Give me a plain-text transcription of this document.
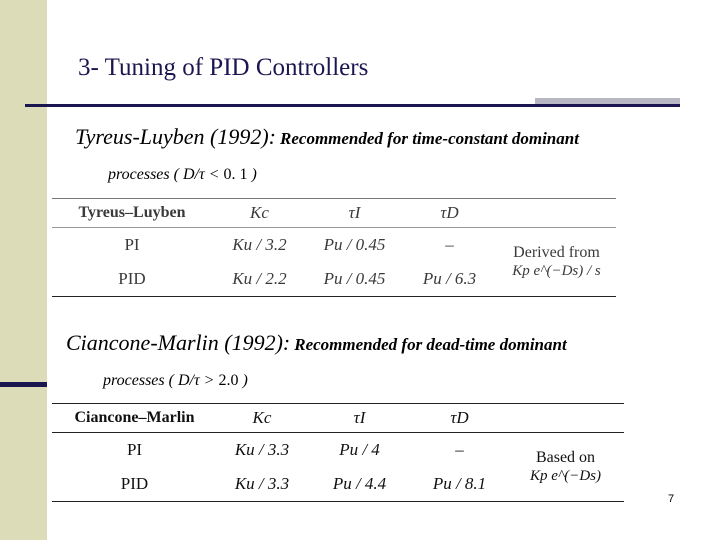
3- Tuning of PID Controllers
Tyreus-Luyben (1992): Recommended for time-constant dominant
processes ( D/τ < 0. 1 )
Tyreus–Luyben	Kc	τI	τD	
PI	Ku / 3.2	Pu / 0.45	–	Derived from
Kp e^(−Ds) / s

PID	Ku / 2.2	Pu / 0.45	Pu / 6.3	
Ciancone-Marlin (1992): Recommended for dead-time dominant
processes ( D/τ > 2.0 )
Ciancone–Marlin	Kc	τI	τD	
PI	Ku / 3.3	Pu / 4	–	Based on
Kp e^(−Ds)

PID	Ku / 3.3	Pu / 4.4	Pu / 8.1	
7
